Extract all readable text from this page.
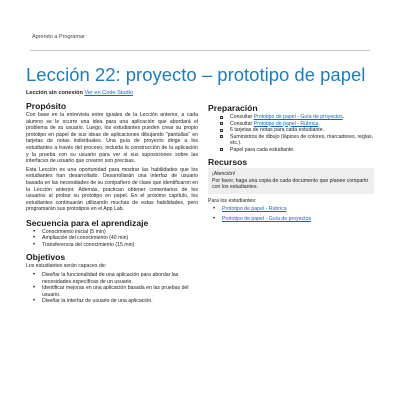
Aprendo a Programar
Lección 22: proyecto – prototipo de papel
Lección sin conexión Ver en Code Studio
Propósito

Con base en la entrevista entre iguales de la Lección anterior, a cada alumno se le ocurre una idea para una aplicación que abordará el problema de su usuario. Luego, los estudiantes pueden crear su propio prototipo en papel de sus ideas de aplicaciones dibujando "pantallas" en tarjetas de notas individuales. Una guía de proyecto dirige a los estudiantes a través del proceso, incluida la construcción de la aplicación y la prueba con su usuario para ver si sus suposiciones sobre las interfaces de usuario que crearon son precisas.

Esta Lección es una oportunidad para mostrar las habilidades que los estudiantes han desarrollado. Desarrollarán una interfaz de usuario basada en las necesidades de su compañero de clase que identificaron en la Lección anterior. Además, practican obtener comentarios de los usuarios al probar su prototipo en papel. En el próximo capítulo, los estudiantes continuarán utilizando muchas de estas habilidades, pero programarán sus prototipos en el App Lab.

Secuencia para el aprendizaje
• Conocimiento inicial (5 min)
• Ampliación del conocimiento (40 min)
• Transferencia del conocimiento (15 min)
Objetivos

Los estudiantes serán capaces de:

• Diseñar la funcionalidad de una aplicación para abordar las necesidades específicas de un usuario.
• Identificar mejoras en una aplicación basada en las pruebas del usuario.
• Diseñar la interfaz de usuario de una aplicación.
Preparación
Consultar Prototipo de papel - Guía de proyectos.
Consultar Prototipo de papel - Rúbrica.
6 tarjetas de notas para cada estudiante.
Suministros de dibujo (lápices de colores, marcadores, reglas, etc.).
Papel para cada estudiante.
Recursos
¡Atención!
Por favor, haga una copia de cada documento que planee compartir con los estudiantes.

Para los estudiantes:

• Prototipo de papel - Rúbrica
• Prototipo de papel - Guía de proyectos
